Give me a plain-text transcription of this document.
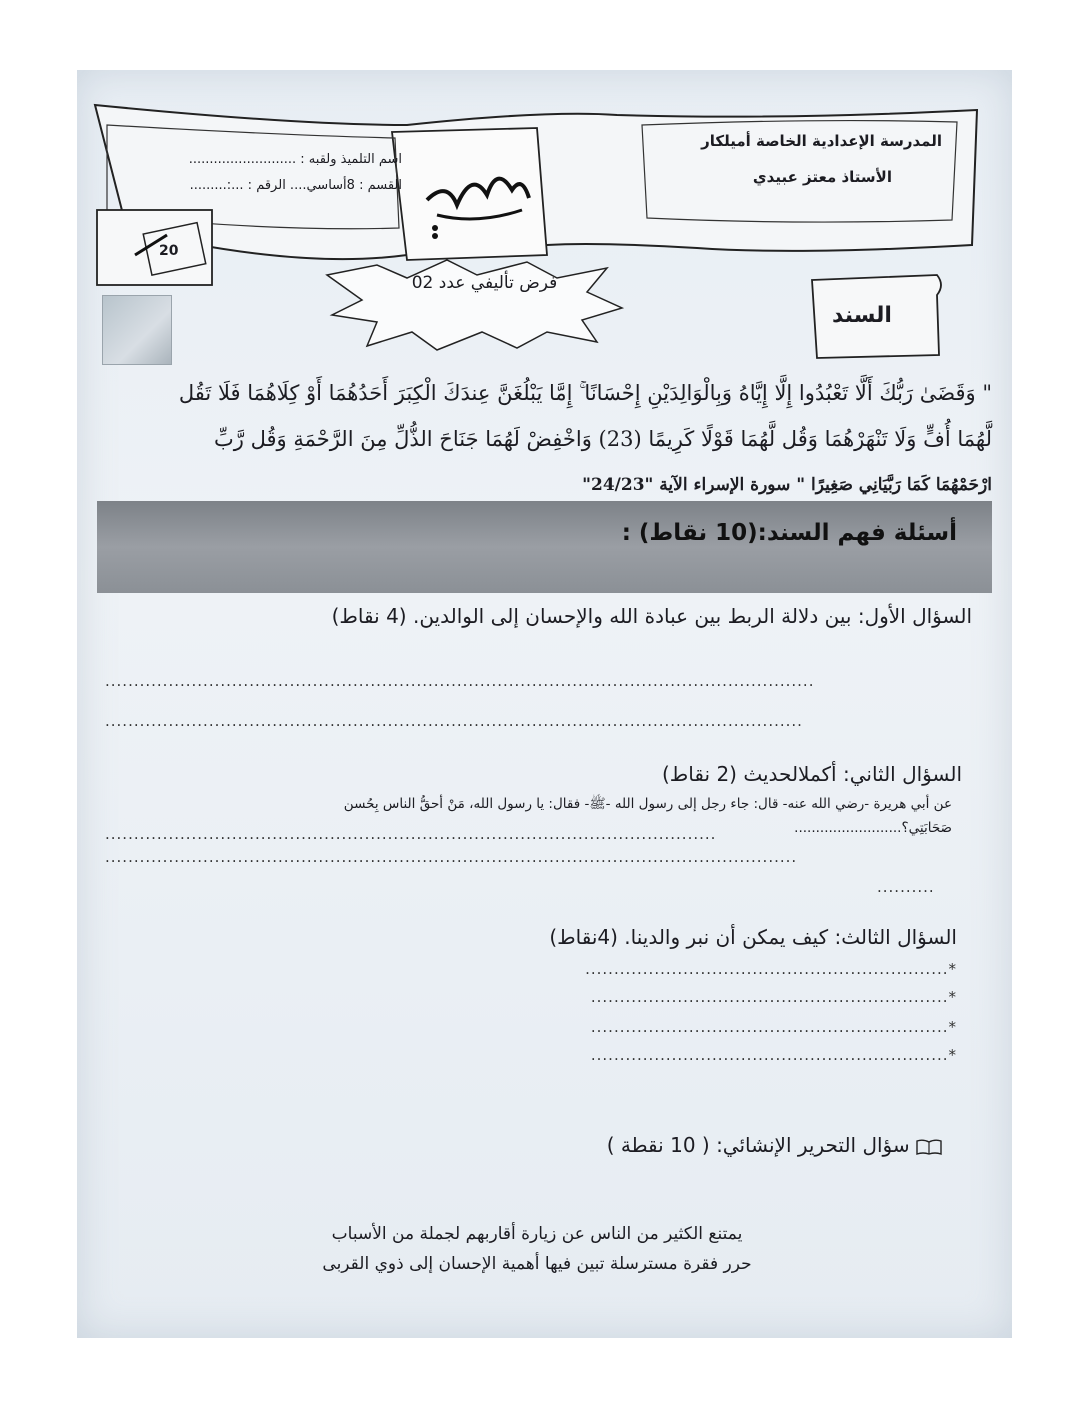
المدرسة الإعدادية الخاصة أميلكار
الأستاذ معتز عبيدي
اسم التلميذ ولقبه : ..........................
القسم : 8أساسي.... الرقم : ...:.........
20
فرض تأليفي عدد 02
السند
" وَقَضَىٰ رَبُّكَ أَلَّا تَعْبُدُوا إِلَّا إِيَّاهُ وَبِالْوَالِدَيْنِ إِحْسَانًا ۚ إِمَّا يَبْلُغَنَّ عِندَكَ الْكِبَرَ أَحَدُهُمَا أَوْ كِلَاهُمَا فَلَا تَقُل
لَّهُمَا أُفٍّ وَلَا تَنْهَرْهُمَا وَقُل لَّهُمَا قَوْلًا كَرِيمًا (23) وَاخْفِضْ لَهُمَا جَنَاحَ الذُّلِّ مِنَ الرَّحْمَةِ وَقُل رَّبِّ
ارْحَمْهُمَا كَمَا رَبَّيَانِي صَغِيرًا " سورة الإسراء الآية "24/23"
أسئلة فهم السند:(10 نقاط) :
السؤال الأول: بين دلالة الربط بين عبادة الله والإحسان إلى الوالدين. (4 نقاط)
...........................................................................................................................
.........................................................................................................................
السؤال الثاني: أكملالحديث (2 نقاط)
عن أبي هريرة -رضي الله عنه- قال: جاء رجل إلى رسول الله -ﷺ- فقال: يا رسول الله، مَنْ أحقُّ الناس بِحُسن
صَحَابَتِي؟.........................
..........................................................................................................
........................................................................................................................
..........
السؤال الثالث: كيف يمكن أن نبر والدينا. (4نقاط)
*...............................................................
*..............................................................
*..............................................................
*..............................................................
سؤال التحرير الإنشائي: ( 10 نقطة )
يمتنع الكثير من الناس عن زيارة أقاربهم لجملة من الأسباب
حرر فقرة مسترسلة تبين فيها أهمية الإحسان إلى ذوي القربى
